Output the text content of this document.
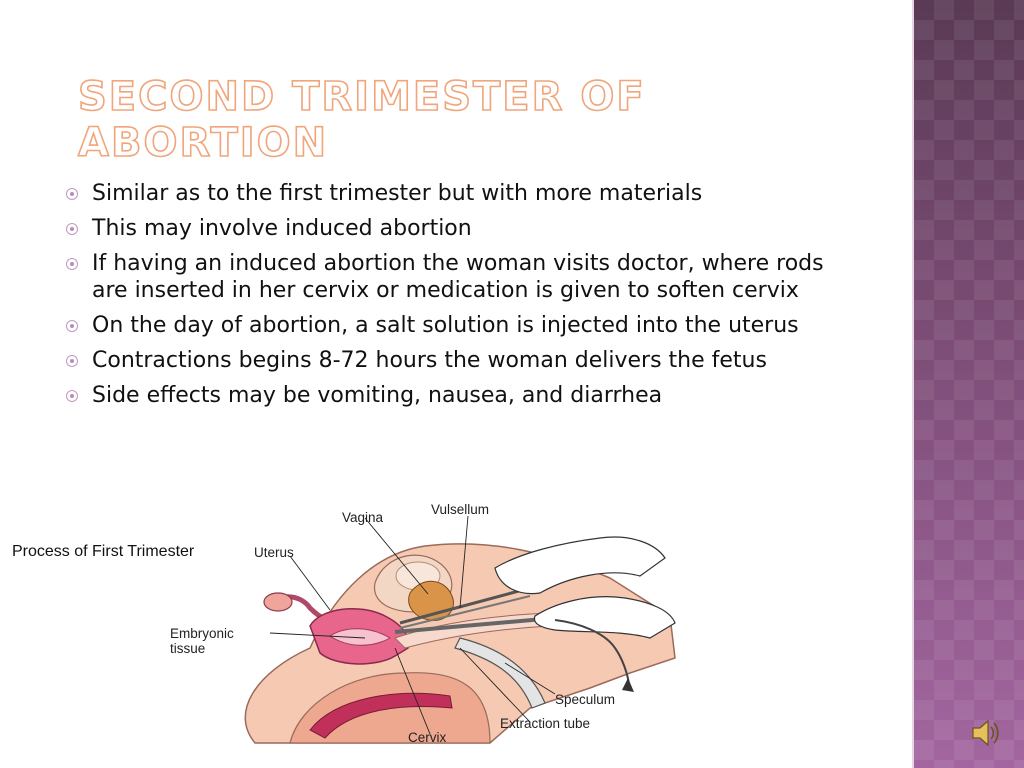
SECOND TRIMESTER OF ABORTION
Similar as to the first trimester but with more materials
This may involve induced abortion
If having an induced abortion the woman visits doctor, where rods are inserted in her cervix or medication is given to soften cervix
On the day of abortion, a salt solution is injected into the uterus
Contractions begins 8-72 hours the woman delivers the fetus
Side effects may be vomiting, nausea, and diarrhea
Process of First Trimester
Vagina
Vulsellum
Uterus
Embryonic
tissue
Speculum
Extraction tube
Cervix
